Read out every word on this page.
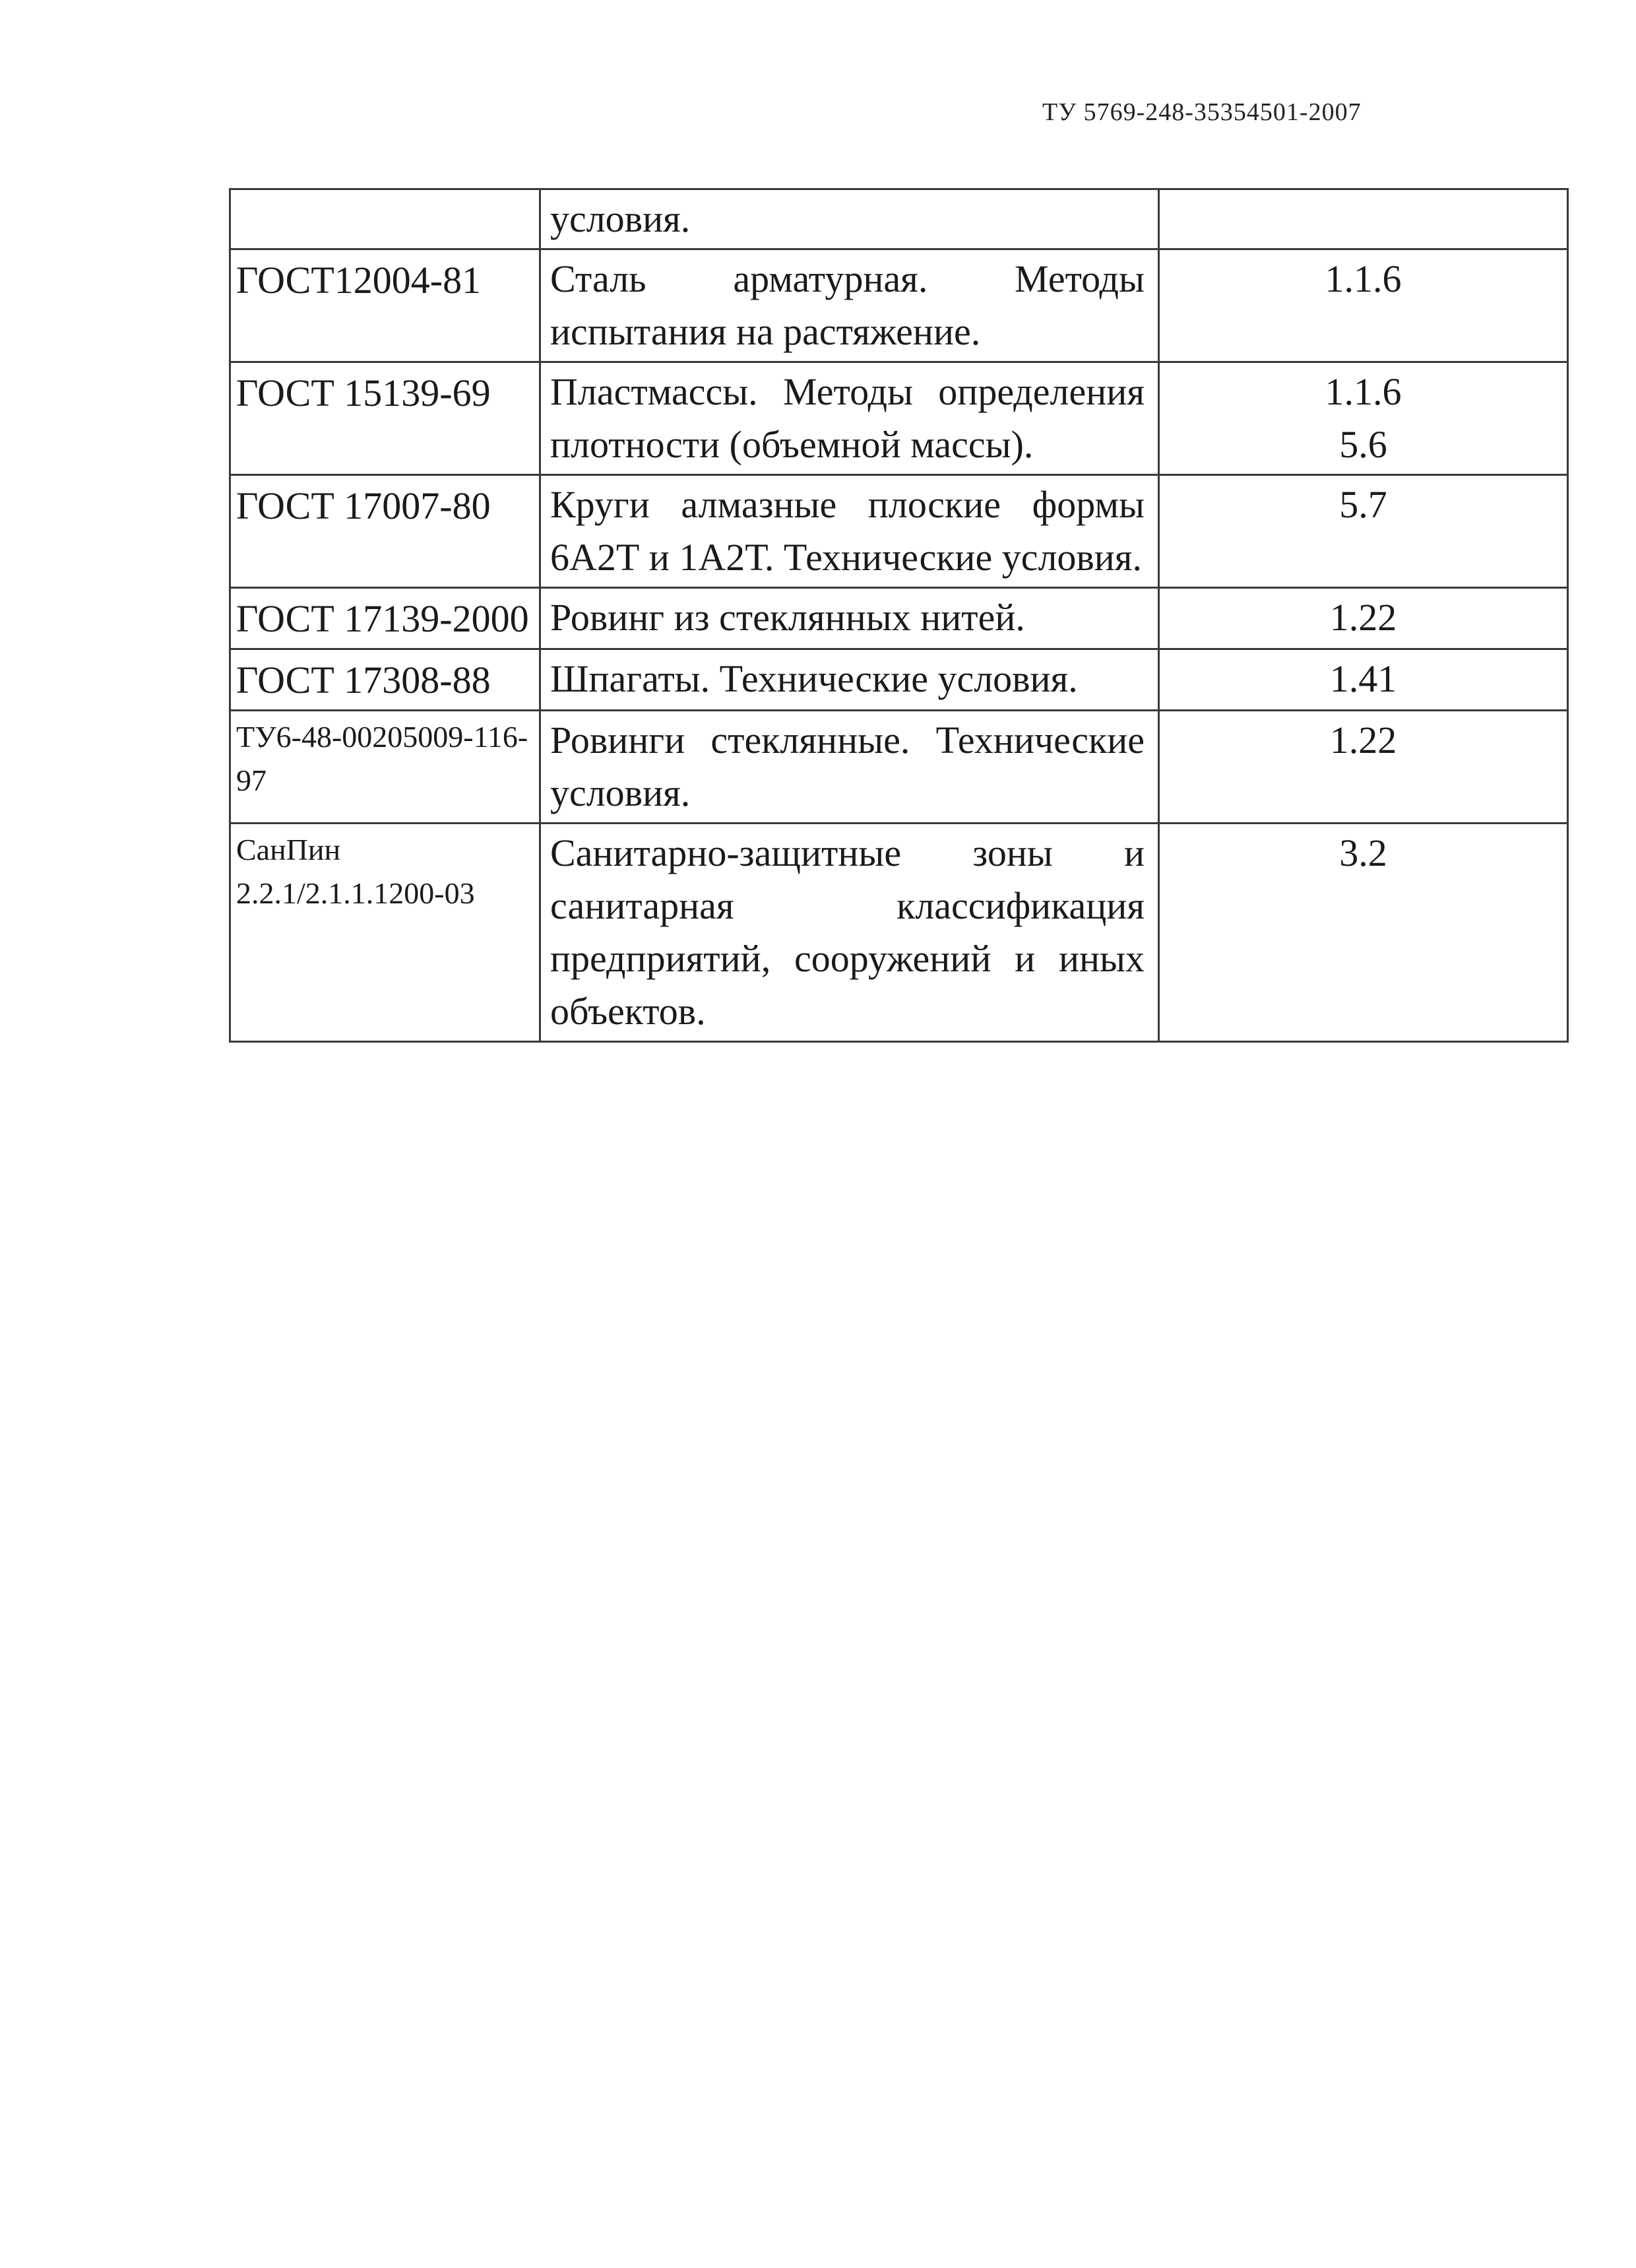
ТУ 5769-248-35354501-2007
	условия.	
ГОСТ12004-81	Сталь арматурная. Методы испытания на растяжение.	1.1.6

ГОСТ 15139-69	Пластмассы. Методы определения плотности (объемной массы).	1.1.6
5.6

ГОСТ 17007-80	Круги алмазные плоские формы 6А2Т и 1А2Т. Технические условия.	5.7

ГОСТ 17139-2000	Ровинг из стеклянных нитей.	1.22

ГОСТ 17308-88	Шпагаты. Технические условия.	1.41

ТУ6-48-00205009-116-97	Ровинги стеклянные. Технические условия.	1.22

СанПин 2.2.1/2.1.1.1200-03	Санитарно-защитные зоны и санитарная классификация предприятий, сооружений и иных объектов.	3.2
